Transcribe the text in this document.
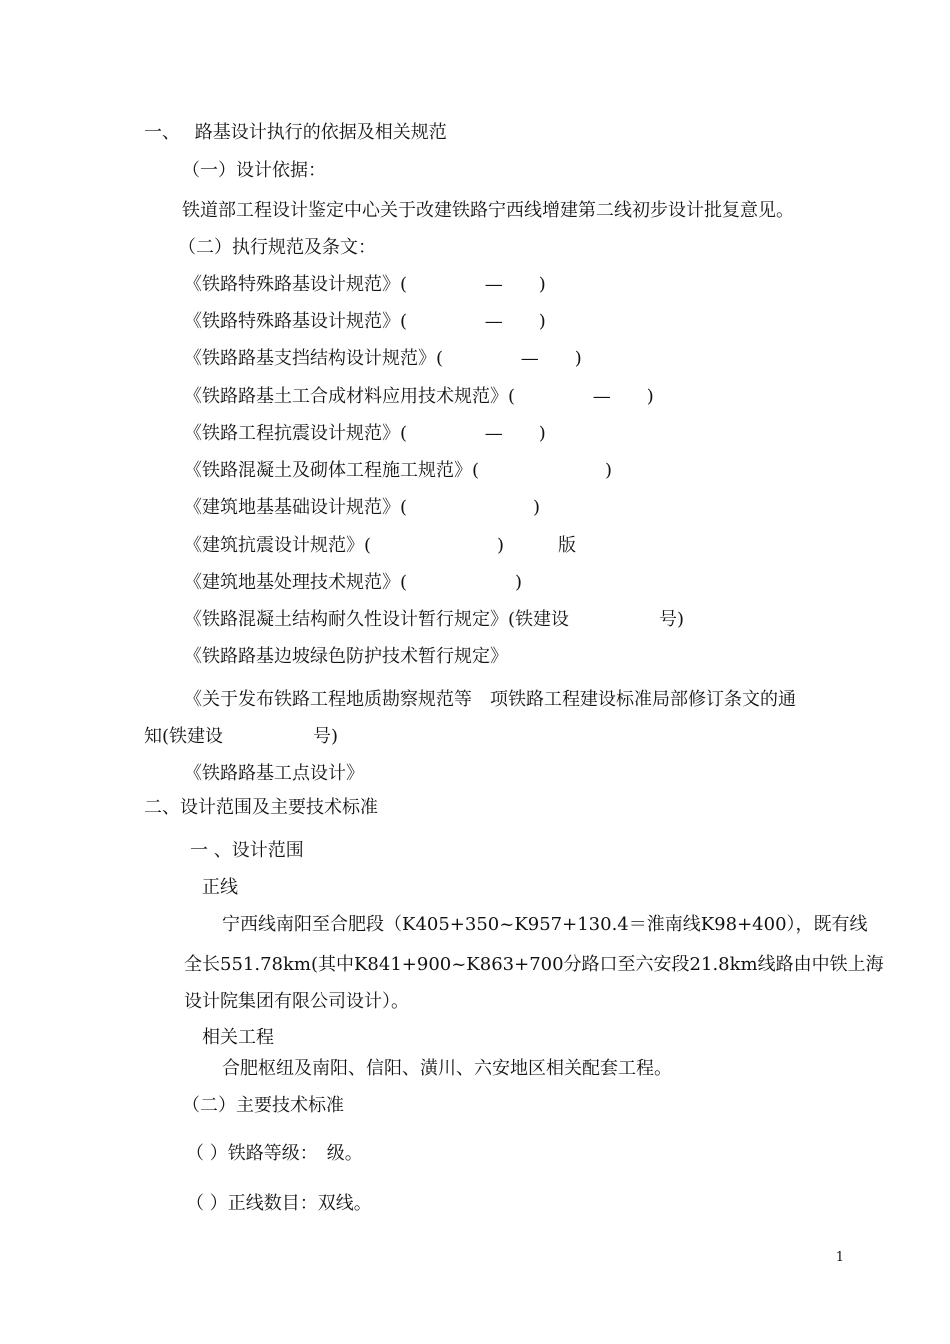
一、　 路基设计执行的依据及相关规范
（一）设计依据：
铁道部工程设计鉴定中心关于改建铁路宁西线增建第二线初步设计批复意见。
（二）执行规范及条文：
《铁路特殊路基设计规范》(　　　　 —　　)
《铁路特殊路基设计规范》(　　　　 —　　)
《铁路路基支挡结构设计规范》(　　　　 —　　)
《铁路路基土工合成材料应用技术规范》(　　　　 —　　)
《铁路工程抗震设计规范》(　　　　 —　　)
《铁路混凝土及砌体工程施工规范》(　　　　　　　)
《建筑地基基础设计规范》(　　　　　　　)
《建筑抗震设计规范》(　　　　　　　)　　　版
《建筑地基处理技术规范》(　　　　　　)
《铁路混凝土结构耐久性设计暂行规定》(铁建设　　　　　号)
《铁路路基边坡绿色防护技术暂行规定》
《关于发布铁路工程地质勘察规范等　项铁路工程建设标准局部修订条文的通
知(铁建设　　　　　号)
《铁路路基工点设计》
二、设计范围及主要技术标准
一 、设计范围
正线
宁西线南阳至合肥段（K405+350~K957+130.4＝淮南线K98+400），既有线
全长551.78km(其中K841+900~K863+700分路口至六安段21.8km线路由中铁上海
设计院集团有限公司设计）。
相关工程
合肥枢纽及南阳、信阳、潢川、六安地区相关配套工程。
（二）主要技术标准
（ ）铁路等级：　级。
（ ）正线数目：双线。
1
